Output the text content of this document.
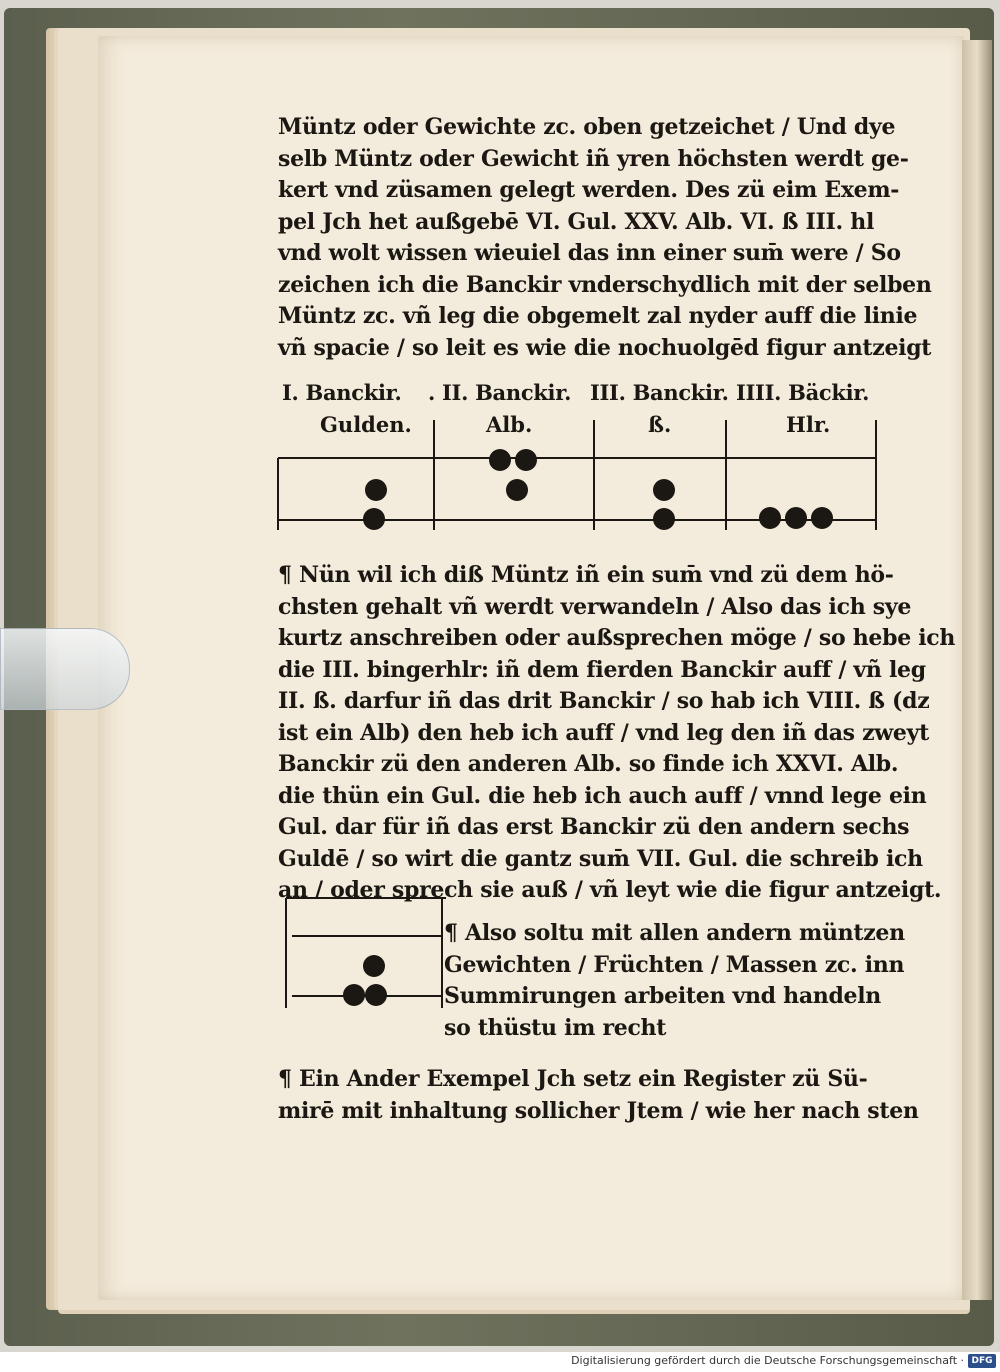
Müntz oder Gewichte zc. oben getzeichet / Und dye
selb Müntz oder Gewicht iñ yren höchsten werdt ge-
kert vnd züsamen gelegt werden. Des zü eim Exem-
pel Jch het außgebē VI. Gul. XXV. Alb. VI. ß III. hl
vnd wolt wissen wieuiel das inn einer sum̄ were / So
zeichen ich die Banckir vnderschydlich mit der selben
Müntz zc. vñ leg die obgemelt zal nyder auff die linie
vñ spacie / so leit es wie die nochuolgēd figur antzeigt
I. Banckir. . II. Banckir. III. Banckir. IIII. Bäckir.
Gulden.	Alb.	ß.	Hlr.
¶ Nün wil ich diß Müntz iñ ein sum̄ vnd zü dem hö-
chsten gehalt vñ werdt verwandeln / Also das ich sye
kurtz anschreiben oder außsprechen möge / so hebe ich
die III. bingerhlr: iñ dem fierden Banckir auff / vñ leg
II. ß. darfur iñ das drit Banckir / so hab ich VIII. ß (dz
ist ein Alb) den heb ich auff / vnd leg den iñ das zweyt
Banckir zü den anderen Alb. so finde ich XXVI. Alb.
die thün ein Gul. die heb ich auch auff / vnnd lege ein
Gul. dar für iñ das erst Banckir zü den andern sechs
Guldē / so wirt die gantz sum̄ VII. Gul. die schreib ich
an / oder sprech sie auß / vñ leyt wie die figur antzeigt.
¶ Also soltu mit allen andern müntzen
Gewichten / Früchten / Massen zc. inn
Summirungen arbeiten vnd handeln
so thüstu im recht
¶ Ein Ander Exempel Jch setz ein Register zü Sü-
mirē mit inhaltung sollicher Jtem / wie her nach sten
Digitalisierung gefördert durch die Deutsche Forschungsgemeinschaft · DFG
